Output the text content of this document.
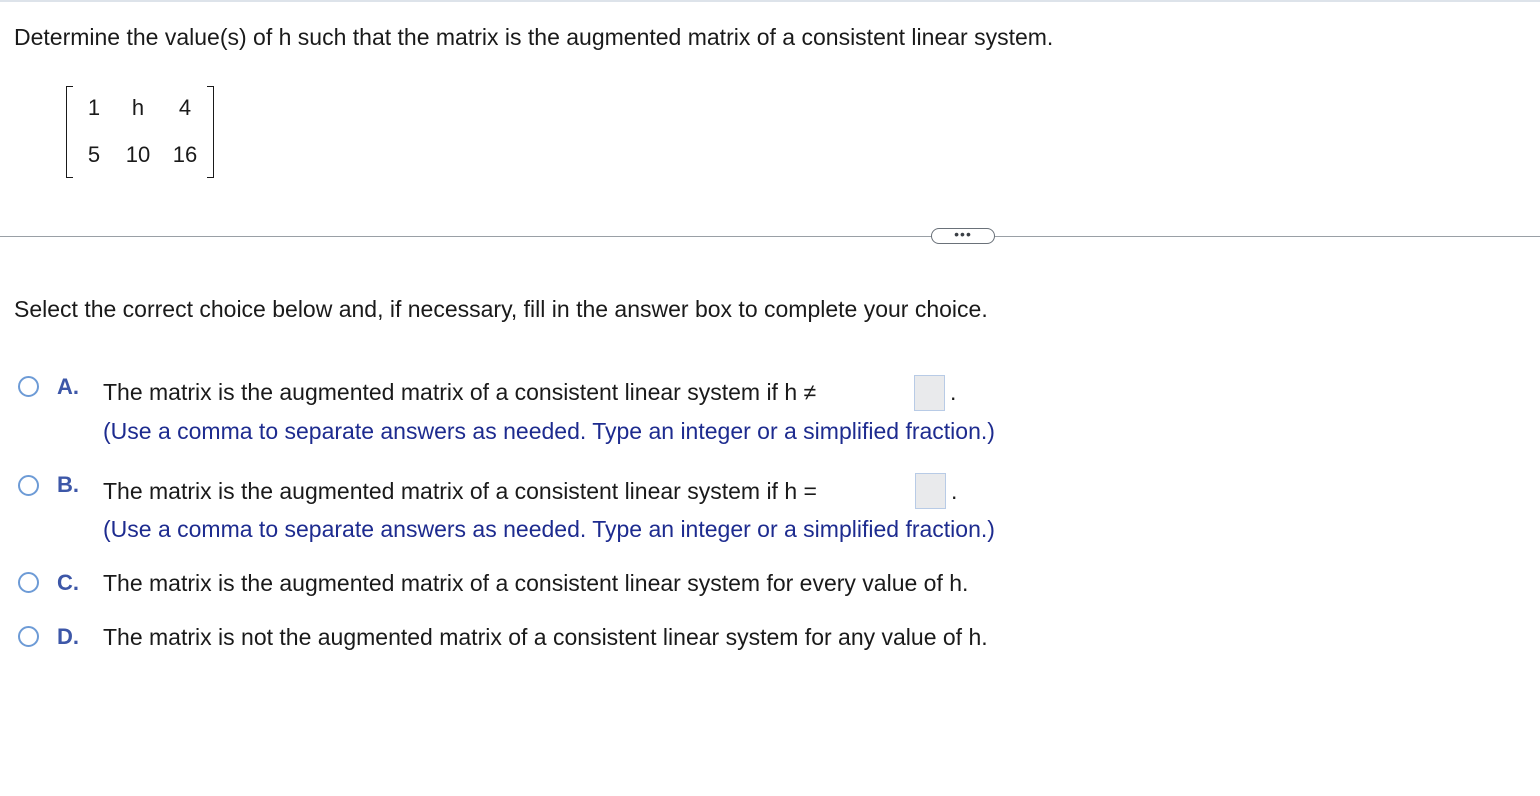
Determine the value(s) of h such that the matrix is the augmented matrix of a consistent linear system.
1	h	4
5	10	16
•••
Select the correct choice below and, if necessary, fill in the answer box to complete your choice.
A. The matrix is the augmented matrix of a consistent linear system if h ≠	.
(Use a comma to separate answers as needed. Type an integer or a simplified fraction.)
B. The matrix is the augmented matrix of a consistent linear system if h =	.
(Use a comma to separate answers as needed. Type an integer or a simplified fraction.)
C. The matrix is the augmented matrix of a consistent linear system for every value of h.
D. The matrix is not the augmented matrix of a consistent linear system for any value of h.
